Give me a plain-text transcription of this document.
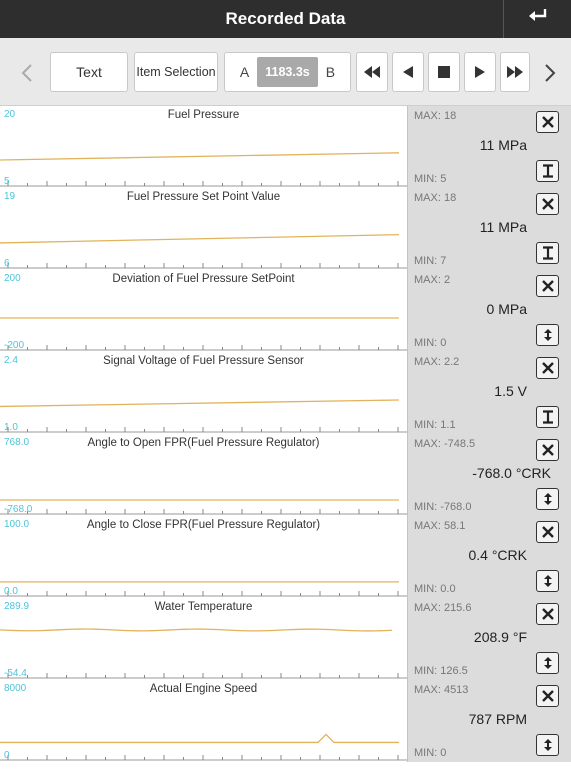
Recorded Data
Text	Item Selection	A	1183.3s	B
20
5
Fuel Pressure	MAX: 18
11 MPa
MIN: 5
19
6
Fuel Pressure Set Point Value	MAX: 18
11 MPa
MIN: 7
200
-200
Deviation of Fuel Pressure SetPoint	MAX: 2
0 MPa
MIN: 0
2.4
1.0
Signal Voltage of Fuel Pressure Sensor	MAX: 2.2
1.5 V
MIN: 1.1
768.0
-768.0
Angle to Open FPR(Fuel Pressure Regulator)	MAX: -748.5
-768.0 °CRK
MIN: -768.0
100.0
0.0
Angle to Close FPR(Fuel Pressure Regulator)	MAX: 58.1
0.4 °CRK
MIN: 0.0
289.9
-54.4
Water Temperature	MAX: 215.6
208.9 °F
MIN: 126.5
8000
0
Actual Engine Speed	MAX: 4513
787 RPM
MIN: 0
